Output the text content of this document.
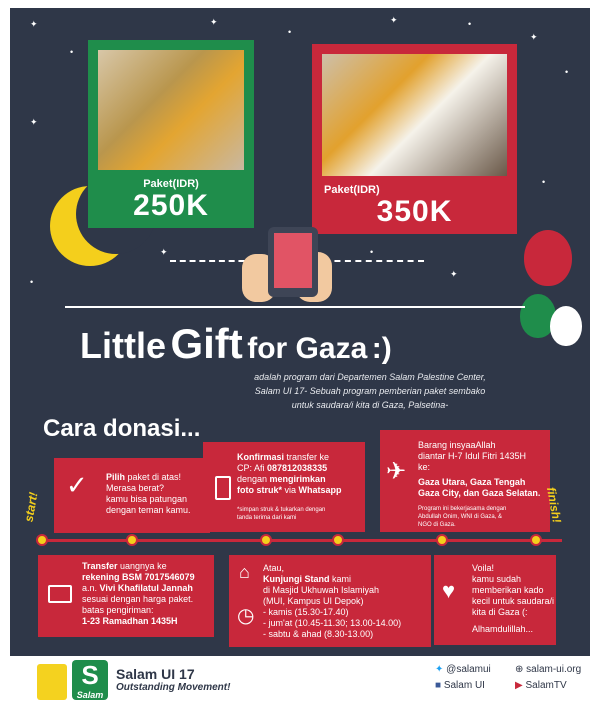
✦
•
✦
•
✦	•
✦
•
✦
•
✦	•
•
✦
Paket(IDR)
250K	Paket(IDR)
350K
Little Gift for Gaza :)
adalah program dari Departemen Salam Palestine Center,
Salam UI 17- Sebuah program pemberian paket sembako
untuk saudara/i kita di Gaza, Palsetina-
Cara donasi...
✓ Pilih paket di atas!
Merasa berat?
kamu bisa patungan
dengan teman kamu.
Konfirmasi transfer ke
CP: Afi 087812038335
dengan mengirimkan
foto struk* via Whatsapp
*simpan struk & tukarkan dengan
tanda terima dari kami
✈
Barang insyaaAllah
diantar H-7 Idul Fitri 1435H
ke:
Gaza Utara, Gaza Tengah
Gaza City, dan Gaza Selatan.
Program ini bekerjasama dengan
Abdullah Onim, WNI di Gaza, &
NGO di Gaza.
start!	finish!
Transfer uangnya ke
rekening BSM 7017546079
a.n. Vivi Khafilatul Jannah
sesuai dengan harga paket.
batas pengiriman:
1-23 Ramadhan 1435H
⌂
◷
Atau,
Kunjungi Stand kami
di Masjid Ukhuwah Islamiyah
(MUI, Kampus UI Depok)
- kamis (15.30-17.40)
- jum'at (10.45-11.30; 13.00-14.00)
- sabtu & ahad (8.30-13.00)
♥
Voila!
kamu sudah
memberikan kado
kecil untuk saudara/i
kita di Gaza (:
Alhamdulillah...
S
Salam
Salam UI 17
Outstanding Movement!
✦ @salamui ⊕ salam-ui.org
■ Salam UI	▶ SalamTV
